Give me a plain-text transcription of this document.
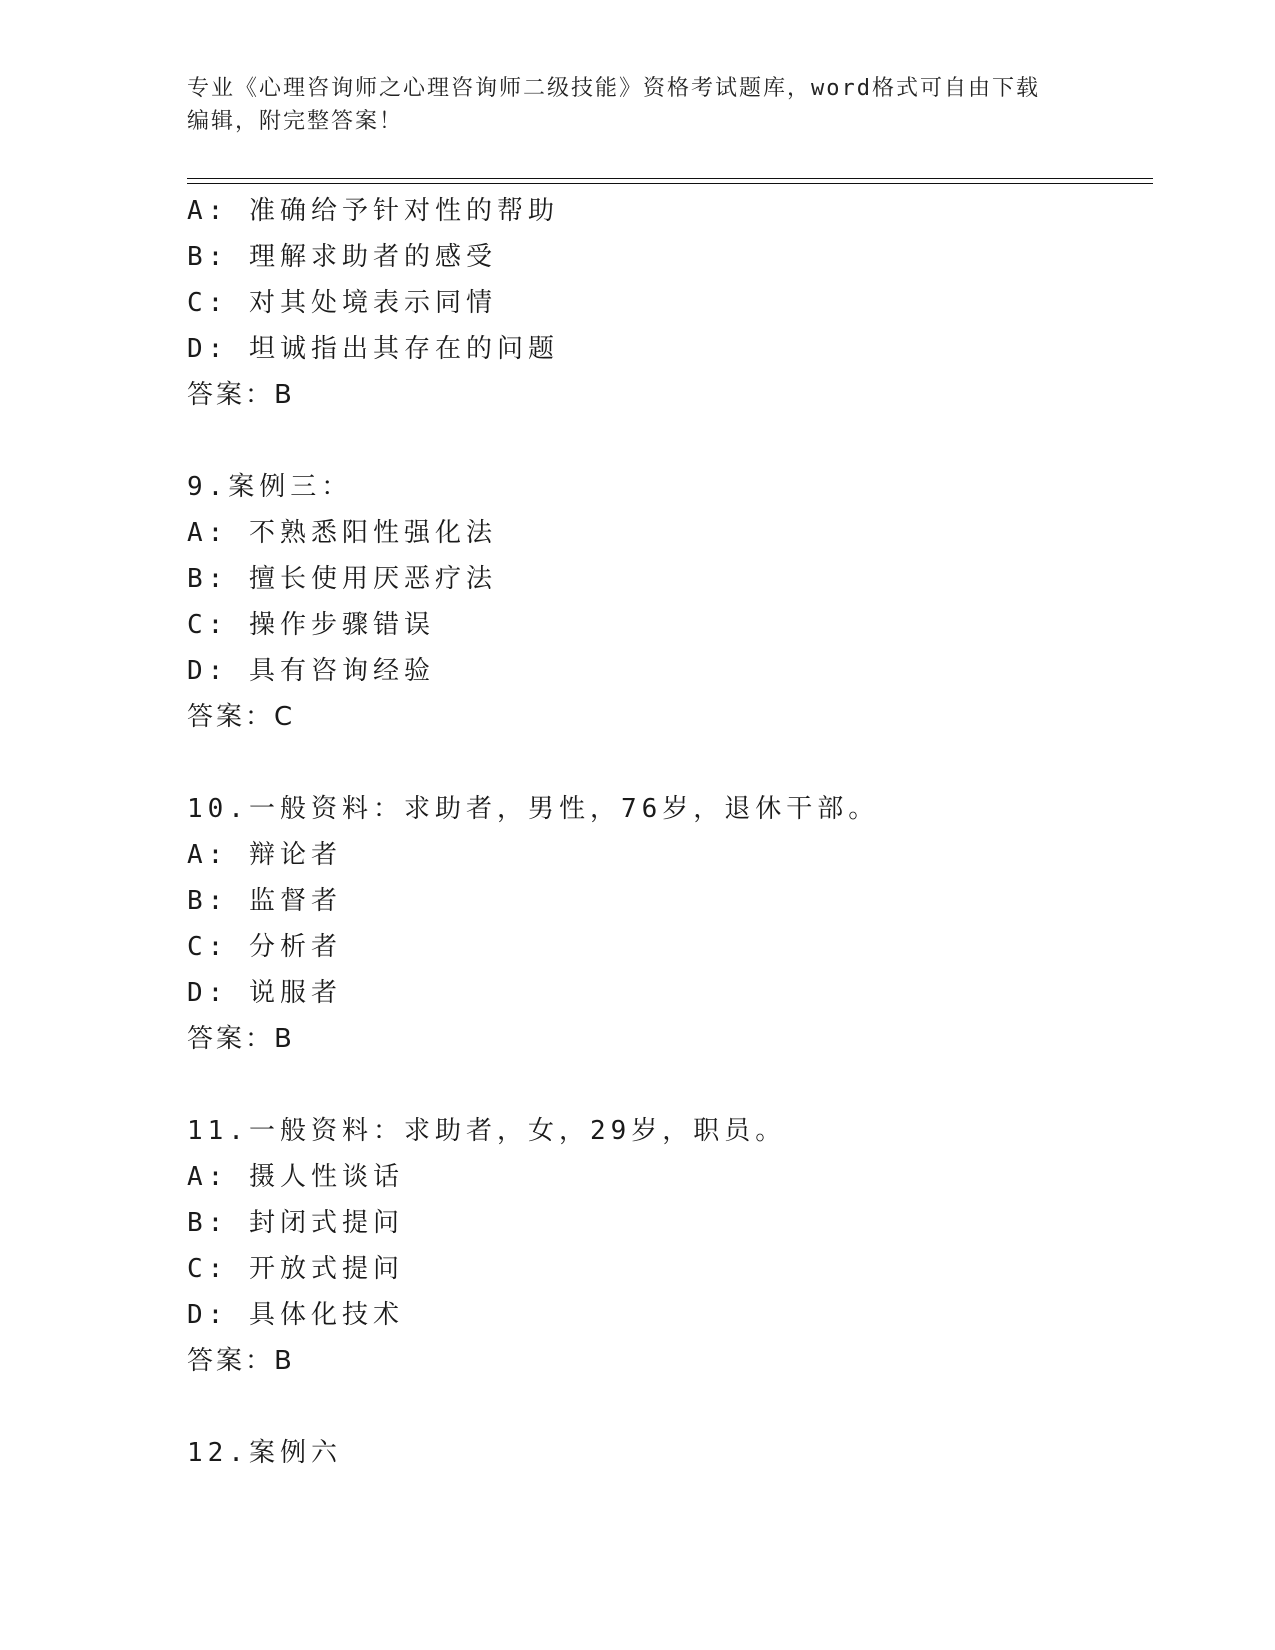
专业《心理咨询师之心理咨询师二级技能》资格考试题库，word格式可自由下载
编辑，附完整答案！
A: 准确给予针对性的帮助
B: 理解求助者的感受
C: 对其处境表示同情
D: 坦诚指出其存在的问题
答案：B
9.案例三：
A: 不熟悉阳性强化法
B: 擅长使用厌恶疗法
C: 操作步骤错误
D: 具有咨询经验
答案：C
10.一般资料：求助者，男性，76岁，退休干部。
A: 辩论者
B: 监督者
C: 分析者
D: 说服者
答案：B
11.一般资料：求助者，女，29岁，职员。
A: 摄人性谈话
B: 封闭式提问
C: 开放式提问
D: 具体化技术
答案：B
12.案例六
